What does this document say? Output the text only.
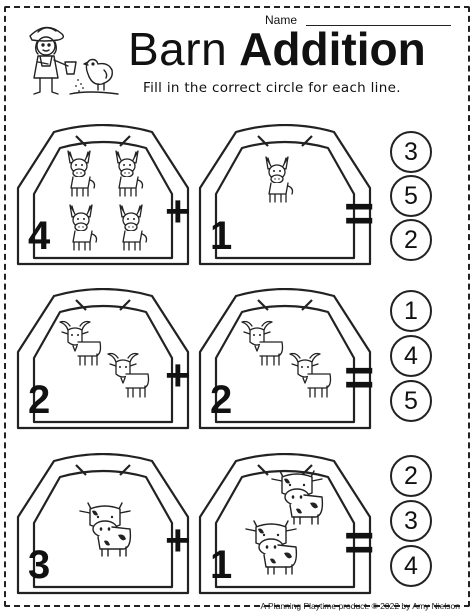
Name
Barn Addition
Fill in the correct circle for each line.
4	+ 1 =
3
5
2
2	+ 2 =
1
4
5
3	+ 1 =
2
3
4
A Planning Playtime product. © 2022 by Amy Nielson
